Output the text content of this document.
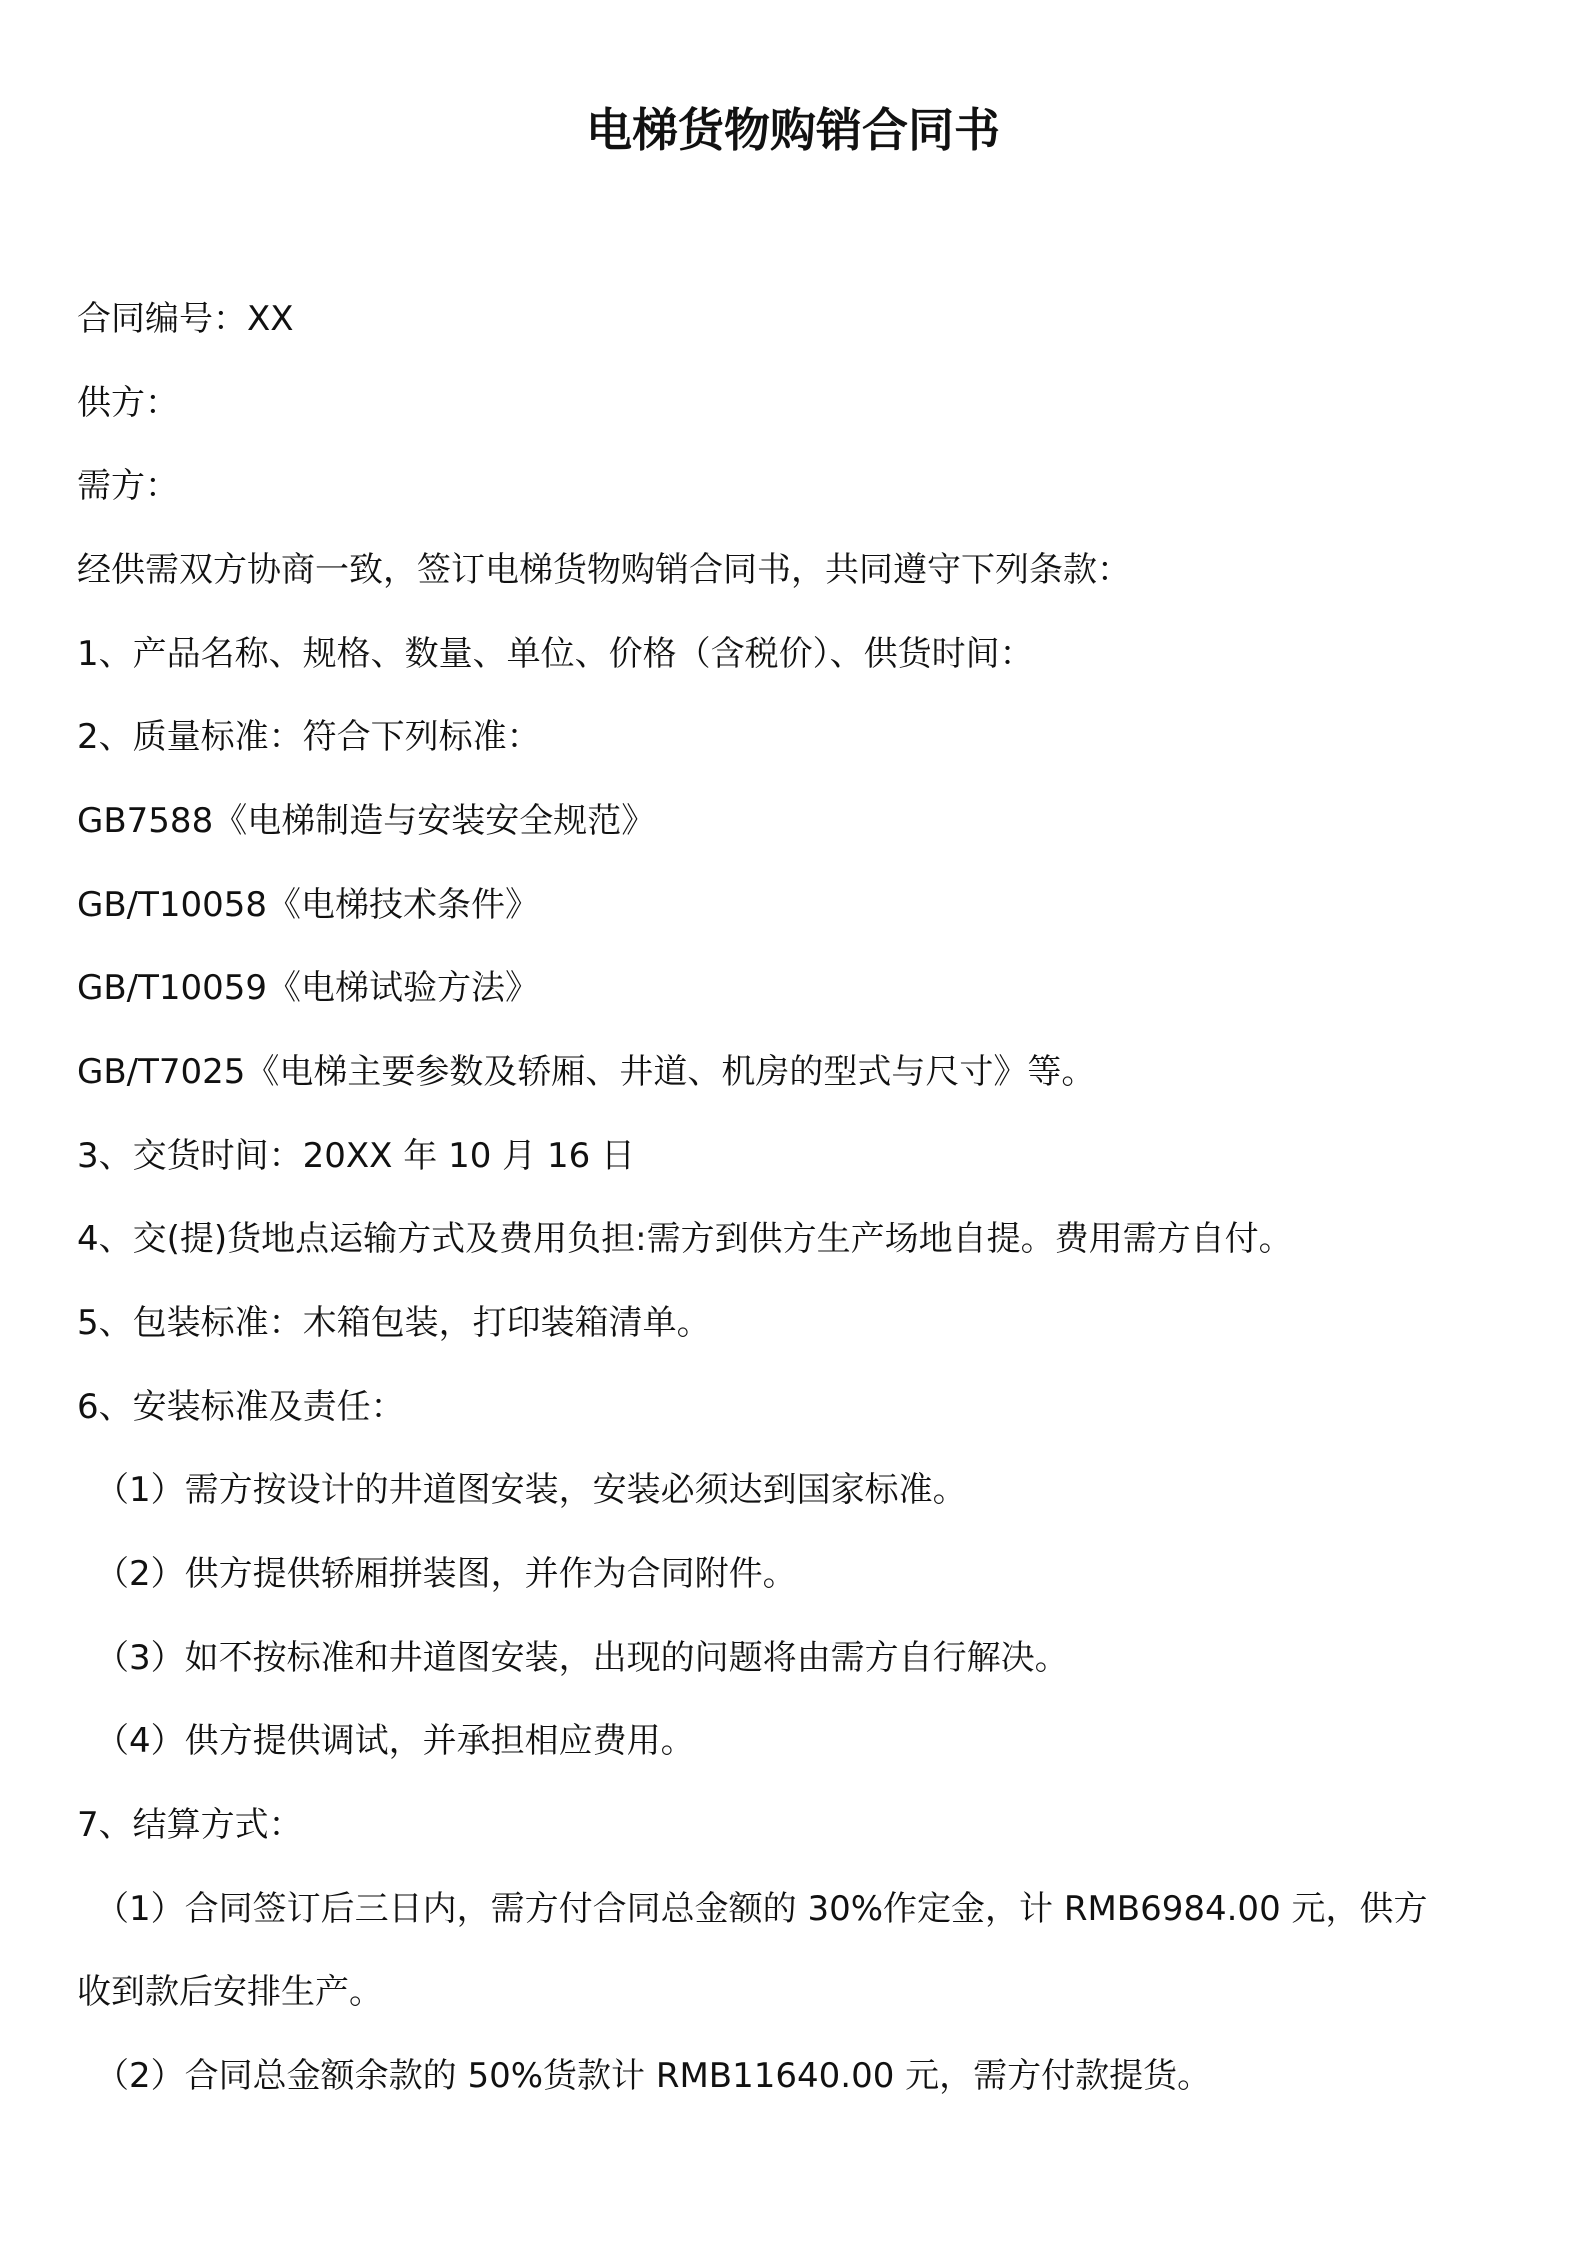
电梯货物购销合同书
合同编号：XX
供方：
需方：
经供需双方协商一致，签订电梯货物购销合同书，共同遵守下列条款：
1、产品名称、规格、数量、单位、价格（含税价）、供货时间：
2、质量标准：符合下列标准：
GB7588《电梯制造与安装安全规范》
GB/T10058《电梯技术条件》
GB/T10059《电梯试验方法》
GB/T7025《电梯主要参数及轿厢、井道、机房的型式与尺寸》等。
3、交货时间：20XX 年 10 月 16 日
4、交(提)货地点运输方式及费用负担:需方到供方生产场地自提。费用需方自付。
5、包装标准：木箱包装，打印装箱清单。
6、安装标准及责任：
（1）需方按设计的井道图安装，安装必须达到国家标准。
（2）供方提供轿厢拼装图，并作为合同附件。
（3）如不按标准和井道图安装，出现的问题将由需方自行解决。
（4）供方提供调试，并承担相应费用。
7、结算方式：
（1）合同签订后三日内，需方付合同总金额的 30%作定金，计 RMB6984.00 元，供方
收到款后安排生产。
（2）合同总金额余款的 50%货款计 RMB11640.00 元，需方付款提货。
